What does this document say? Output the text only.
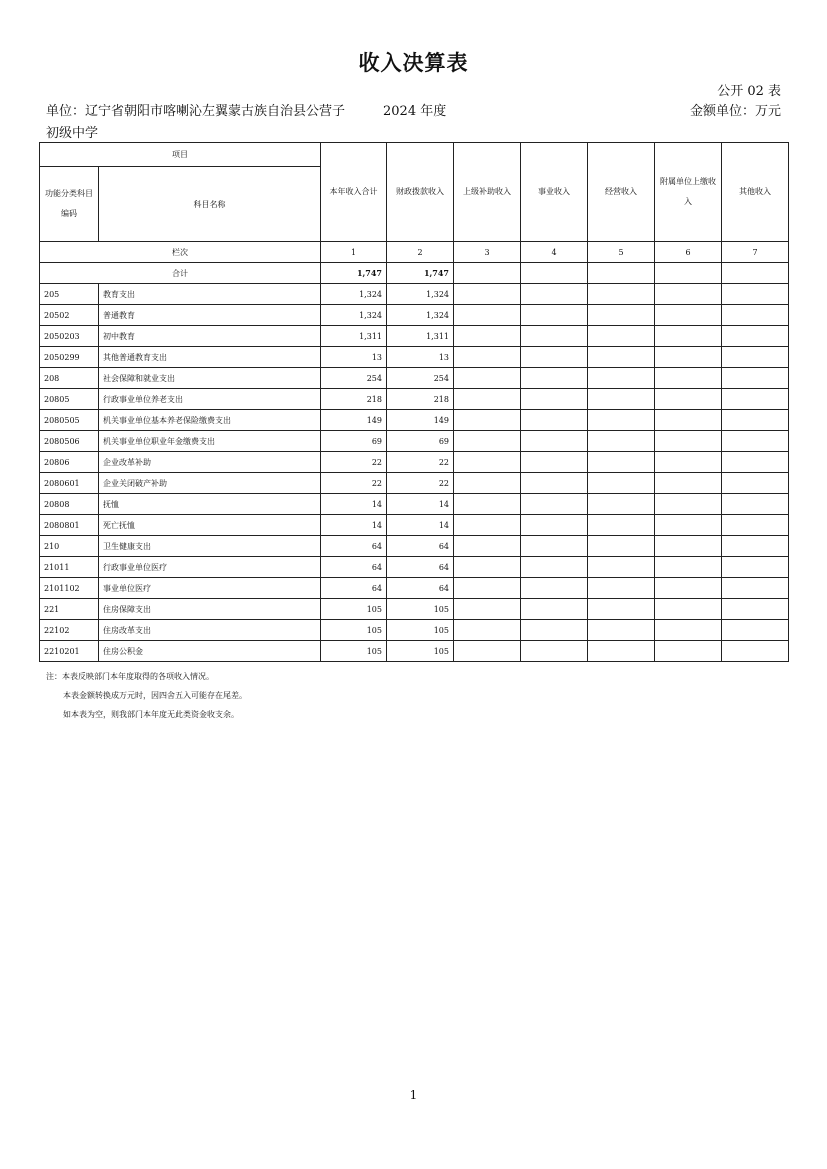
收入决算表
公开 02 表
单位：辽宁省朝阳市喀喇沁左翼蒙古族自治县公营子初级中学
2024 年度	金额单位：万元
项目		本年收入合计	财政拨款收入	上级补助收入	事业收入	经营收入	附属单位上缴收入	其他收入
功能分类科目编码	科目名称							
栏次		1	2	3	4	5	6	7
合计		1,747	1,747					
205	教育支出	1,324	1,324					
20502	普通教育	1,324	1,324					
2050203	初中教育	1,311	1,311					
2050299	其他普通教育支出	13	13					
208	社会保障和就业支出	254	254					
20805	行政事业单位养老支出	218	218					
2080505	机关事业单位基本养老保险缴费支出	149	149					
2080506	机关事业单位职业年金缴费支出	69	69					
20806	企业改革补助	22	22					
2080601	企业关闭破产补助	22	22					
20808	抚恤	14	14					
2080801	死亡抚恤	14	14					
210	卫生健康支出	64	64					
21011	行政事业单位医疗	64	64					
2101102	事业单位医疗	64	64					
221	住房保障支出	105	105					
22102	住房改革支出	105	105					
2210201	住房公积金	105	105					
注：本表反映部门本年度取得的各项收入情况。
本表金额转换成万元时，因四舍五入可能存在尾差。
如本表为空，则我部门本年度无此类资金收支余。
1
